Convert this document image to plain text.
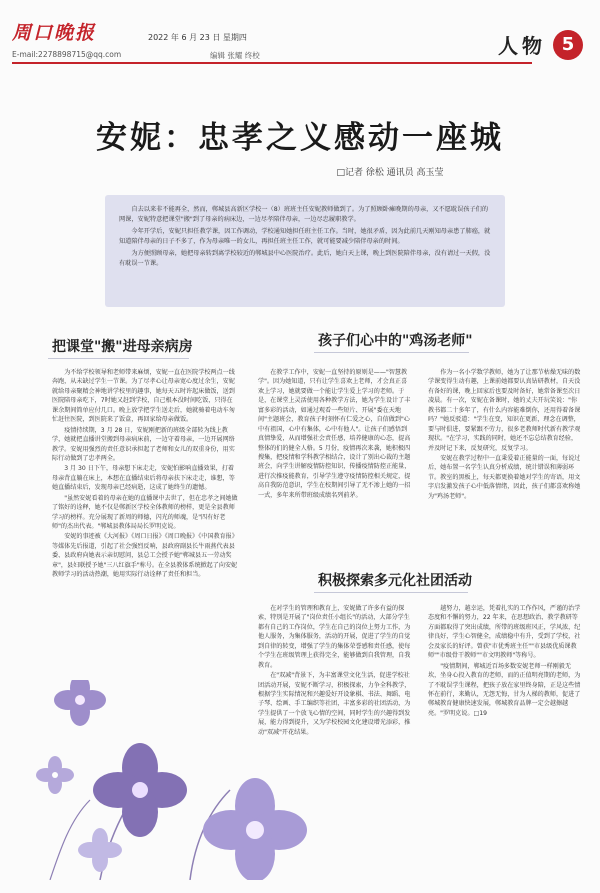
周口晚报	2022 年 6 月 23 日 星期四
E-mail:2278898715@qq.com	编辑 张耀 终校	人物 5
安妮：忠孝之义感动一座城
□记者 徐松 通讯员 高玉莹

自去以来非不能再全，然而，郸城县高新区学校一（8）班班主任安妮教师做到了。为了照顾卧瘫晚期的母亲，又不愿耽误孩子们的网课，安妮特意把课堂"搬"到了母亲的病床边，一边尽孝陪伴母亲，一边尽忠履职教学。

今年开学后，安妮只担任教学课，因工作调动，学校通知她担任班主任工作。当时，她很矛盾，因为此前几天刚知母亲患了肺癌，就知道陪伴母亲的日子不多了，作为母亲唯一的女儿，再担任班主任工作，就可能要减少陪伴母亲的时间。

为方便照顾母亲，她把母亲转到离学校较近的郸城县中心医院治疗。此后，她白天上课，晚上到医院陪伴母亲，没有请过一天假，没有耽误一节课。

把课堂"搬"进母亲病房

为不给学校领导和老师带来麻烦，安妮一直在医院学校两点一线奔跑，从未缺过学生一节课。为了尽孝心让母亲宽心度过余生，安妮就给母亲聚精会神地讲学校里的趣事，她每天五时许起床做饭，送到医院陪母亲吃下，7时她又赶到学校，自己根本没时间吃饭，只得在课余期间简单应付几口。晚上放学把学生送走后，她就骑着电动车匆忙赶往医院，到医院来了饭盒，再回家给母亲做饭。

疫情持续期，3 月 28 日，安妮刚把新的班级全部转为线上教学，她就把直播讲堂搬到母亲病床前，一边守着母亲，一边开展网络教学。安妮用强烈的责任意识承担起了老师和女儿的双重身份，用实际行动做到了忠孝两全。

3 月 30 日下午，母亲想下床走走，安妮怕影响直播效果，打着母亲背直躺在床上，本想在直播结束后将母亲扶下床走走，谁想，等她直播结束后，发现母亲已经病逝，这成了她终生的遗憾。

"虽然安妮看着的母亲在她的直播课中去世了，但在忠孝之间她做了铭好的诠释，她不仅是郸新区学校全体教师的榜样，更是全县教师学习的榜样。充分展现了新周的师德，闪光的师魂，是"四有好老师"的杰出代表。"郸城县教体局局长罗明克说。

安妮的事迹被《大河报》《周口日报》《周口晚报》《中国教育报》等媒体先后报道，引起了社会强烈反响，县政府副县长牛雨燕代表县委、县政府向她表示亲切慰问，县总工会授予她"郸城县五一劳动奖章"，县妇联授予她"三八红旗手"称号。在全县教体系统掀起了向安妮教师学习的活动热潮，她用实际行动诠释了责任和担当。

孩子们心中的"鸡汤老师"

在教学工作中，安妮一直坚持的原则是——"智慧教学"。因为她知道，只有让学生喜欢上老师，才会真正喜欢上学习，她就要做一个能让学生爱上学习的老师。于是，在课堂上灵活使用各种教学方法，她为学生设计了丰富多彩的活动，如通过观看一些短片、开展"委在天地间"主题班会，教育孩子时刻怀有仁爱之心，自信做到"心中有祖国，心中有集体，心中有他人"。让孩子们感悟到真情挚爱，从而增强社会责任感，培养健康的心态，提高整体的们的健全人格。5 月份，疫情再次来袭，她积极四搜集，把疫情和学科教学相结合，设计了别出心裁的主题班会，向学生讲解疫情防控知识，传播疫情防控正能量，进行次推疫能教育，引导学生遵守疫情防控相关规定，提高自我防范意识，学生在校期间引导了无不渗上她的一招一式，多年来所带班级成绩名列前茅。

作为一名小学数学教师，她为了让那节枯燥无味的数学课变得生动有趣，上课前她都要认真钻研教材，自天没有备好的课，晚上回家后也要及时备好，她常备课至次日凌晨。有一次，安妮在备课时，她的丈夫开玩笑说："你教书都二十多年了，有什么内容能难倒你，还用得着备课吗？"她反驳道："学生在变，知识在更新，理念在调整，要与时俱进，要紧跟不劳力，很多老教师时代新有教学观现状。"在学习，实践的同时，她还不忘总结教育经验，并及时记下来，反复研究，反复学习。

安妮在教学过程中一直秉爱着正能量的一面，每说过后，她布置一名学生认真分析成绩，统计错误和薄弱环节。教室的黑板上，每天都更换着她对学生的寄语，用文字启发激发孩子心中低落情绪，因此，孩子们都喜欢称她为"鸡汤老师"。

积极探索多元化社团活动

在对学生的管理和教育上，安妮做了许多有益的探索，特别是开展了"岗位责任小组长"的活动，大部分学生都有自己的工作岗位，学生在自己的岗位上努力工作，为他人服务，为集体服务，活动的开展，促进了学生的自觉到自律的转变，增强了学生的集体荣誉感和责任感，使每个学生在班级管理上获得完全，能够做到自我管理，自我教育。

在"双减"背景下，为丰富课堂文化生活，促进学校社团活动开展，安妮不断学习，积极探索，力争全科教学，根据学生实际情况和兴趣爱好开设象棋、书法、舞蹈、电子琴、绘画、手工编织等社团，丰富多彩的社团活动，为学生提供了一个放飞心情的空间，同时学生的兴趣得到发展，能力得到提升，又为学校校园文化建设增光添彩，推动"双减"开花结果。

越努力，越幸运，凭着扎实的工作作风，严谨的治学态度和不懈的努力，22 年来，在思想政治、教学教研等方面都取得了突出成绩，所带的班级班风正，学风浓，纪律良好，学生心智健全，成绩稳中有升，受到了学校，社会及家长的好评。曾获"市优秀班主任""市县级优质课教师""市级骨干教师""市文明教师"等称号。

"疫情期间，郸城近百场多数安妮老师一样刚毅无坎，坐身心投入教育的老师，而的正值明亮期的老师，为了不耽误学生课程，把孩子放在家里终身陪，正是这些情怀在前行，来勤认，无怨无悔，甘为人梯的教师，促进了郸城教育健康快速发展，郸城教育品牌一定会越擦越亮。"罗明克说。□19
